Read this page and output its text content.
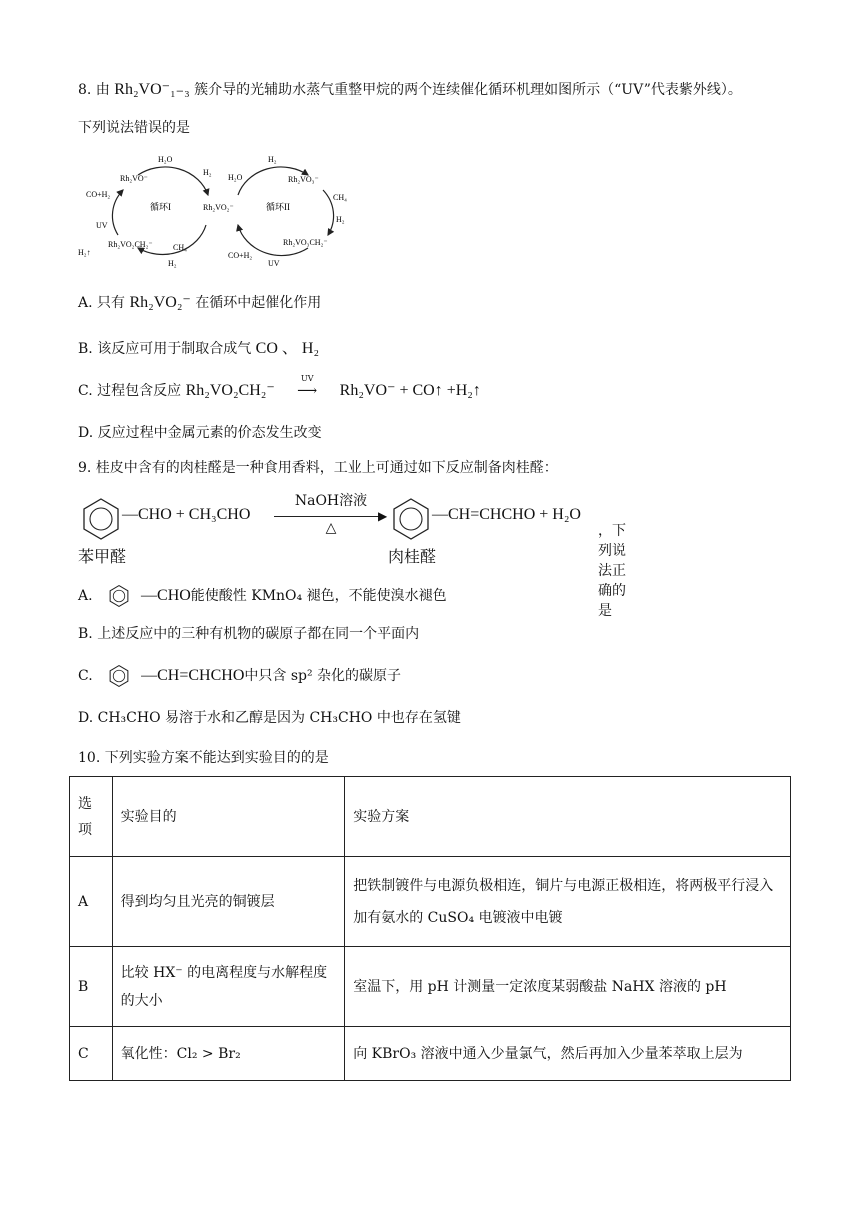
8. 由 Rh₂VO⁻₁₋₃ 簇介导的光辅助水蒸气重整甲烷的两个连续催化循环机理如图所示（“UV”代表紫外线）。
下列说法错误的是
H₂O
H₂
Rh₂VO⁻
Rh₂VO₂⁻
CO+H₂
UV
Rh₂VO₂CH₂⁻	CH₄
H₂
H₂↑
H₂
H₂O	Rh₂VO₃⁻
CH₄
H₂
Rh₂VO₃CH₂⁻
CO+H₂
UV
循环I	循环II
A. 只有 Rh₂VO₂⁻ 在循环中起催化作用
B. 该反应可用于制取合成气 CO 、 H₂
C. 过程包含反应 Rh₂VO₂CH₂⁻
UV
⟶ Rh₂VO⁻ + CO↑ +H₂↑
D. 反应过程中金属元素的价态发生改变
9. 桂皮中含有的肉桂醛是一种食用香料，工业上可通过如下反应制备肉桂醛：
—CHO + CH₃CHO
NaOH溶液
▶
△
—CH=CHCHO + H₂O
，下列说法正确的是
苯甲醛	肉桂醛
A.	—CHO能使酸性 KMnO₄ 褪色，不能使溴水褪色
B. 上述反应中的三种有机物的碳原子都在同一个平面内
C.	—CH=CHCHO中只含 sp² 杂化的碳原子
D. CH₃CHO 易溶于水和乙醇是因为 CH₃CHO 中也存在氢键
10. 下列实验方案不能达到实验目的的是
选项	实验目的	实验方案
A	得到均匀且光亮的铜镀层	把铁制镀件与电源负极相连，铜片与电源正极相连，将两极平行浸入加有氨水的 CuSO₄ 电镀液中电镀
B	比较 HX⁻ 的电离程度与水解程度的大小	室温下，用 pH 计测量一定浓度某弱酸盐 NaHX 溶液的 pH
C	氧化性：Cl₂ > Br₂	向 KBrO₃ 溶液中通入少量氯气，然后再加入少量苯萃取上层为
